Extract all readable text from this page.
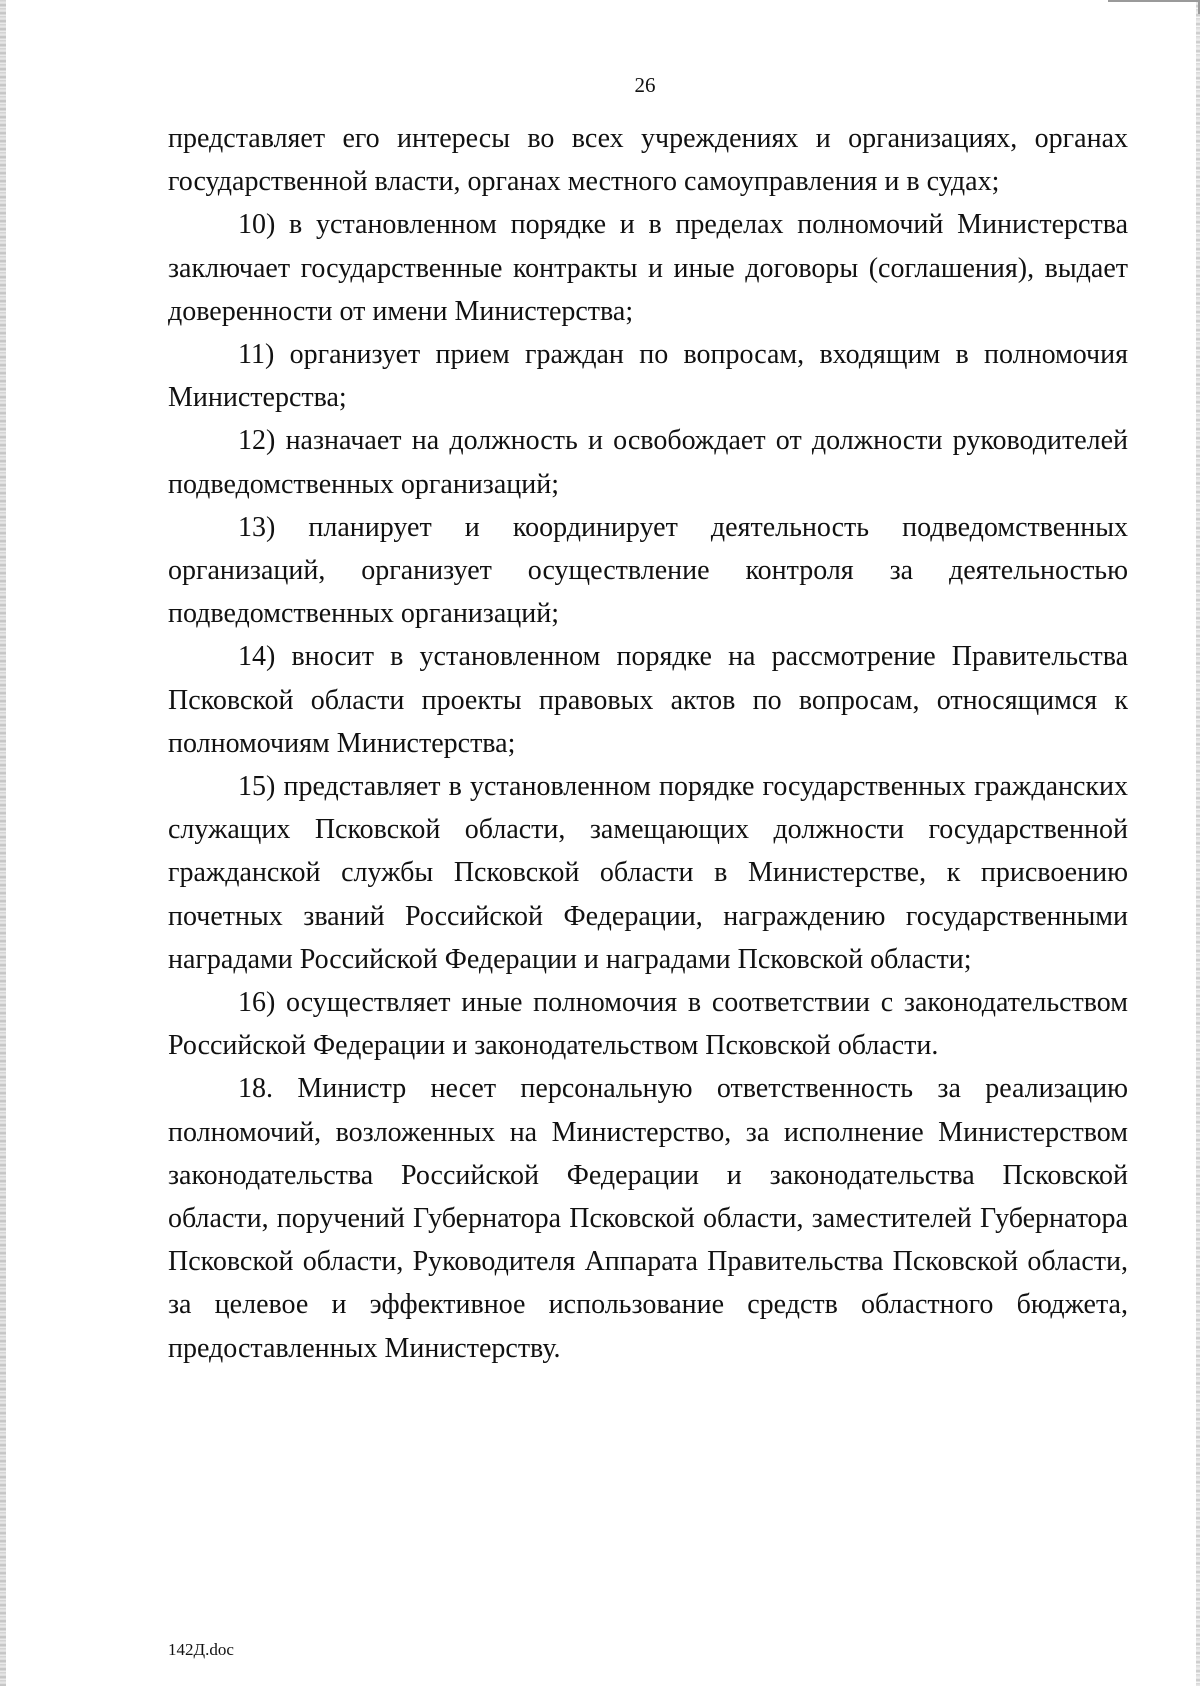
26

представляет его интересы во всех учреждениях и организациях, органах государственной власти, органах местного самоуправления и в судах;

10) в установленном порядке и в пределах полномочий Министерства заключает государственные контракты и иные договоры (соглашения), выдает доверенности от имени Министерства;

11) организует прием граждан по вопросам, входящим в полномочия Министерства;

12) назначает на должность и освобождает от должности руководителей подведомственных организаций;

13) планирует и координирует деятельность подведомственных организаций, организует осуществление контроля за деятельностью подведомственных организаций;

14) вносит в установленном порядке на рассмотрение Правительства Псковской области проекты правовых актов по вопросам, относящимся к полномочиям Министерства;

15) представляет в установленном порядке государственных гражданских служащих Псковской области, замещающих должности государственной гражданской службы Псковской области в Министерстве, к присвоению почетных званий Российской Федерации, награждению государственными наградами Российской Федерации и наградами Псковской области;

16) осуществляет иные полномочия в соответствии с законодательством Российской Федерации и законодательством Псковской области.

18. Министр несет персональную ответственность за реализацию полномочий, возложенных на Министерство, за исполнение Министерством законодательства Российской Федерации и законодательства Псковской области, поручений Губернатора Псковской области, заместителей Губернатора Псковской области, Руководителя Аппарата Правительства Псковской области, за целевое и эффективное использование средств областного бюджета, предоставленных Министерству.

142Д.doc
